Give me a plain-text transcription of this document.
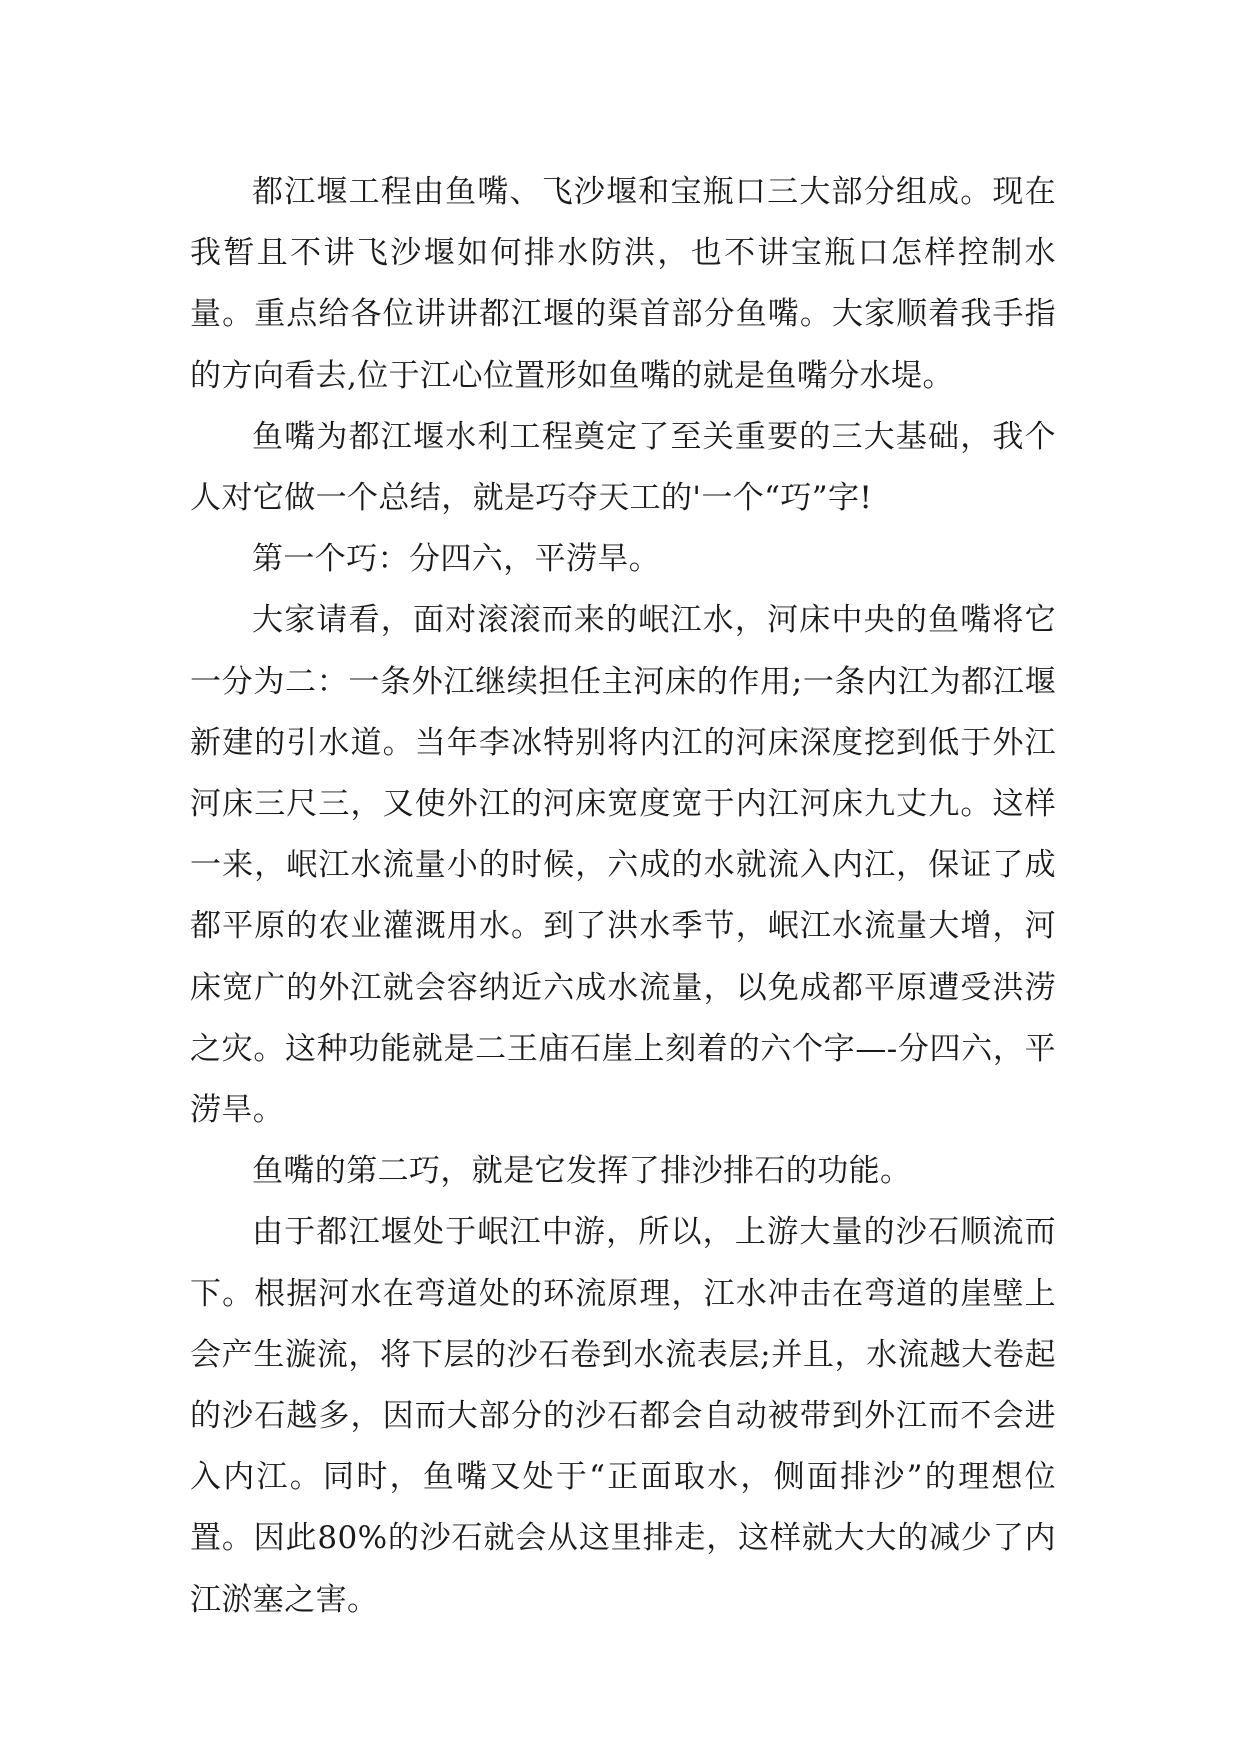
都江堰工程由鱼嘴、飞沙堰和宝瓶口三大部分组成。现在我暂且不讲飞沙堰如何排水防洪，也不讲宝瓶口怎样控制水量。重点给各位讲讲都江堰的渠首部分鱼嘴。大家顺着我手指的方向看去,位于江心位置形如鱼嘴的就是鱼嘴分水堤。

鱼嘴为都江堰水利工程奠定了至关重要的三大基础，我个人对它做一个总结，就是巧夺天工的'一个“巧”字!

第一个巧：分四六，平涝旱。

大家请看，面对滚滚而来的岷江水，河床中央的鱼嘴将它一分为二：一条外江继续担任主河床的作用;一条内江为都江堰新建的引水道。当年李冰特别将内江的河床深度挖到低于外江河床三尺三，又使外江的河床宽度宽于内江河床九丈九。这样一来，岷江水流量小的时候，六成的水就流入内江，保证了成都平原的农业灌溉用水。到了洪水季节，岷江水流量大增，河床宽广的外江就会容纳近六成水流量，以免成都平原遭受洪涝之灾。这种功能就是二王庙石崖上刻着的六个字—-分四六，平涝旱。

鱼嘴的第二巧，就是它发挥了排沙排石的功能。

由于都江堰处于岷江中游，所以，上游大量的沙石顺流而下。根据河水在弯道处的环流原理，江水冲击在弯道的崖壁上会产生漩流，将下层的沙石卷到水流表层;并且，水流越大卷起的沙石越多，因而大部分的沙石都会自动被带到外江而不会进入内江。同时，鱼嘴又处于“正面取水，侧面排沙”的理想位置。因此80%的沙石就会从这里排走，这样就大大的减少了内江淤塞之害。
